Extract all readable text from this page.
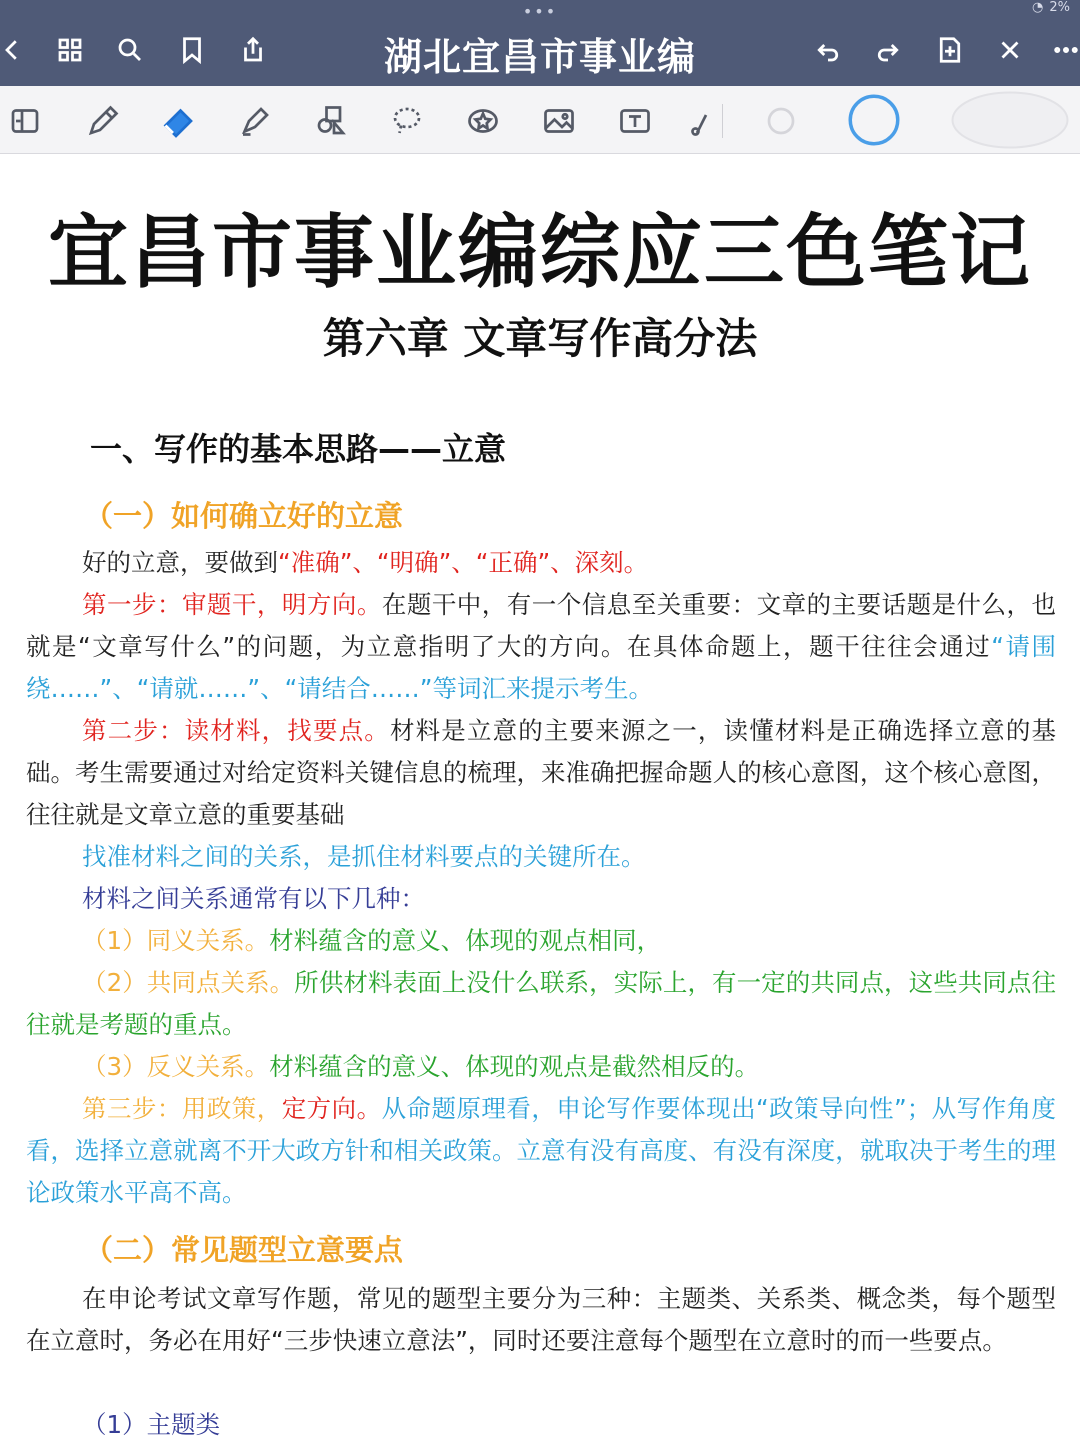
•••	◔ 2%
湖北宜昌市事业编
宜昌市事业编综应三色笔记
第六章 文章写作高分法
一、写作的基本思路——立意
（一）如何确立好的立意
好的立意，要做到“准确”、“明确”、“正确”、深刻。
第一步：审题干，明方向。在题干中，有一个信息至关重要：文章的主要话题是什么，也就是“文章写什么”的问题，为立意指明了大的方向。在具体命题上，题干往往会通过“请围绕……”、“请就……”、“请结合……”等词汇来提示考生。
第二步：读材料，找要点。材料是立意的主要来源之一，读懂材料是正确选择立意的基础。考生需要通过对给定资料关键信息的梳理，来准确把握命题人的核心意图，这个核心意图，往往就是文章立意的重要基础
找准材料之间的关系，是抓住材料要点的关键所在。
材料之间关系通常有以下几种：
（1）同义关系。材料蕴含的意义、体现的观点相同，
（2）共同点关系。所供材料表面上没什么联系，实际上，有一定的共同点，这些共同点往往就是考题的重点。
（3）反义关系。材料蕴含的意义、体现的观点是截然相反的。
第三步：用政策，定方向。从命题原理看，申论写作要体现出“政策导向性”；从写作角度看，选择立意就离不开大政方针和相关政策。立意有没有高度、有没有深度，就取决于考生的理论政策水平高不高。
（二）常见题型立意要点
在申论考试文章写作题，常见的题型主要分为三种：主题类、关系类、概念类，每个题型在立意时，务必在用好“三步快速立意法”，同时还要注意每个题型在立意时的而一些要点。
（1）主题类
